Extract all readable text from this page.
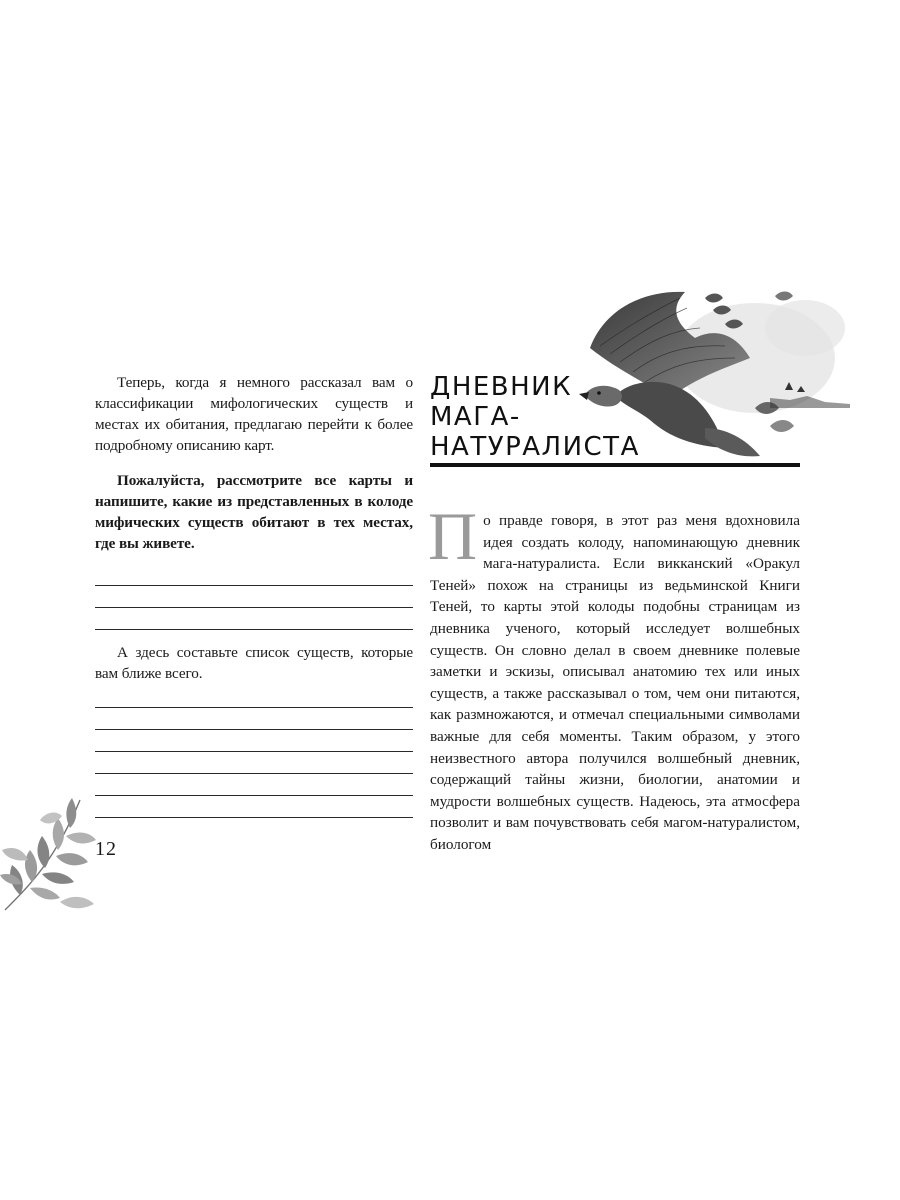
Теперь, когда я немного рассказал вам о классификации мифологических существ и местах их обитания, предлагаю перейти к более подробному описанию карт.

Пожалуйста, рассмотрите все карты и напишите, какие из представленных в колоде мифических существ обитают в тех местах, где вы живете.

А здесь составьте список существ, которые вам ближе всего.

12
ДНЕВНИК
МАГА-
НАТУРАЛИСТА

По правде говоря, в этот раз меня вдохновила идея создать колоду, напоминающую дневник мага-натуралиста. Если викканский «Оракул Теней» похож на страницы из ведьминской Книги Теней, то карты этой колоды подобны страницам из дневника ученого, который исследует волшебных существ. Он словно делал в своем дневнике полевые заметки и эскизы, описывал анатомию тех или иных существ, а также рассказывал о том, чем они питаются, как размножаются, и отмечал специальными символами важные для себя моменты. Таким образом, у этого неизвестного автора получился волшебный дневник, содержащий тайны жизни, биологии, анатомии и мудрости волшебных существ. Надеюсь, эта атмосфера позволит и вам почувствовать себя магом-натуралистом, биологом
